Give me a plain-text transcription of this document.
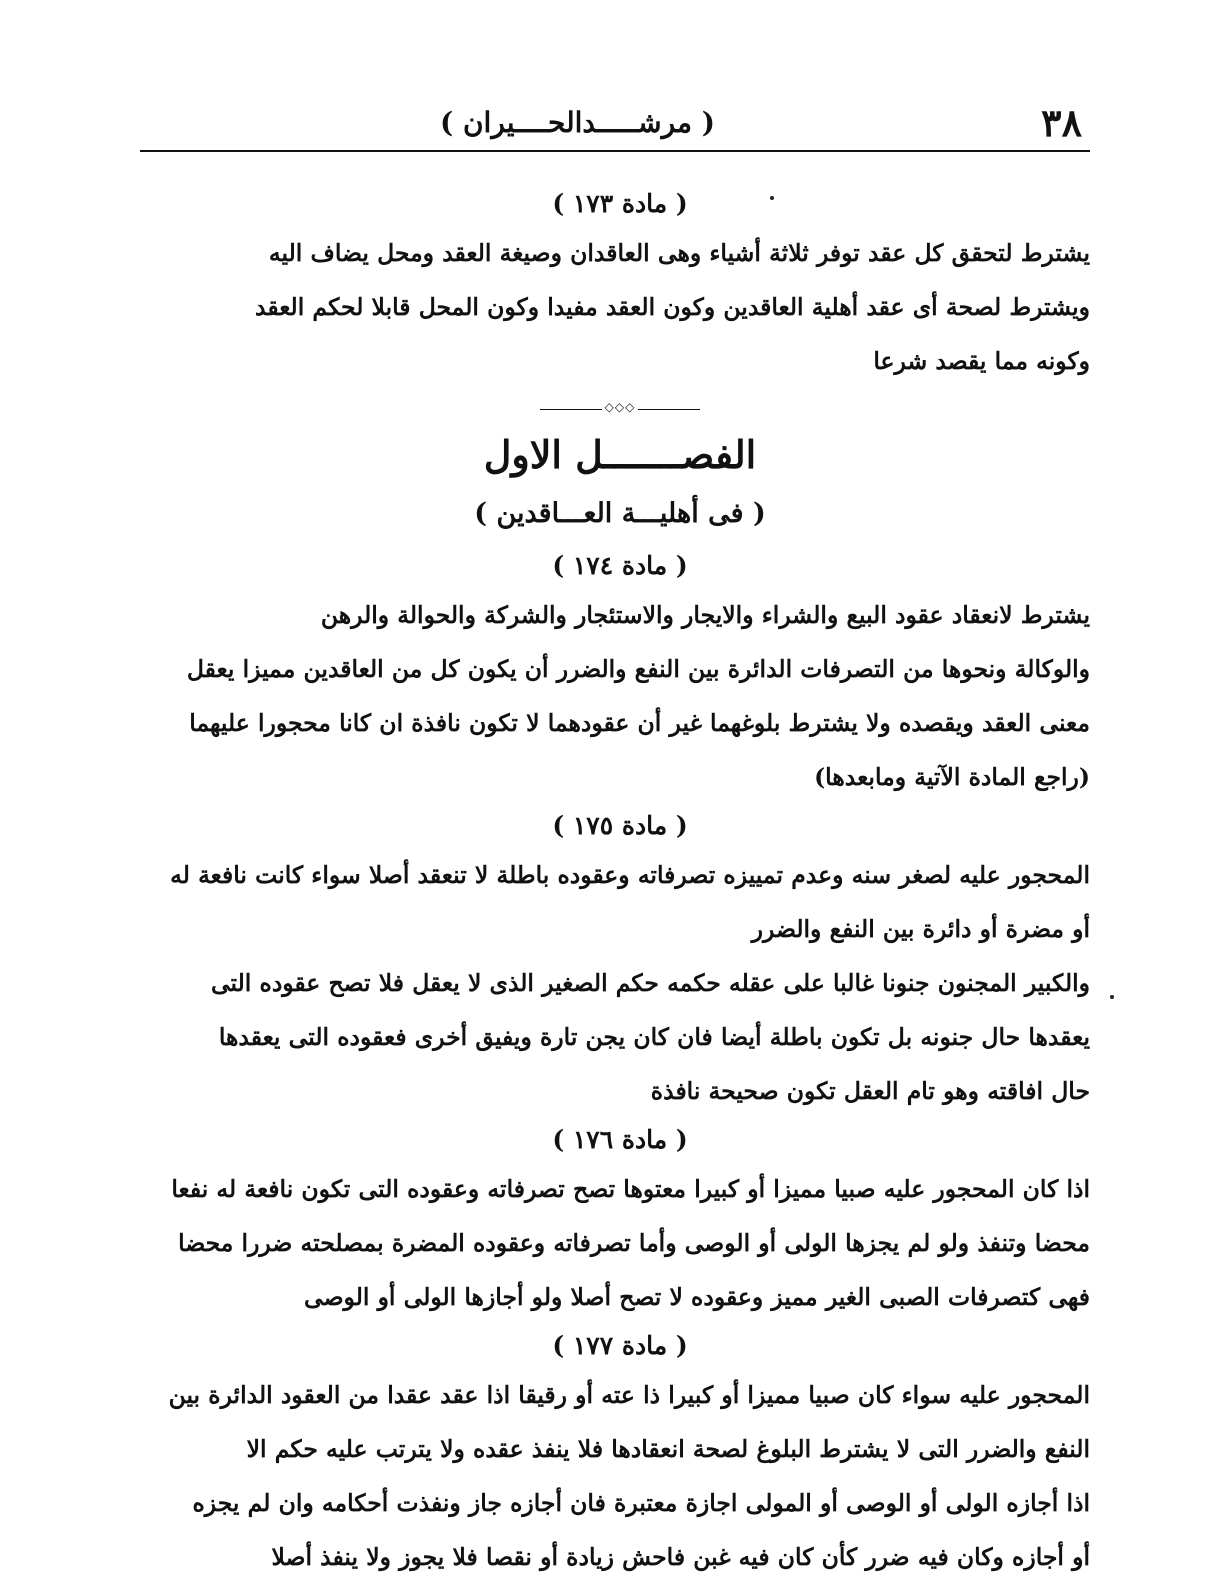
٣٨
( مرشـــــدالحــــيران )
( مادة ١٧٣ )

يشترط لتحقق كل عقد توفر ثلاثة أشياء وهى العاقدان وصيغة العقد ومحل يضاف اليه

ويشترط لصحة أى عقد أهلية العاقدين وكون العقد مفيدا وكون المحل قابلا لحكم العقد

وكونه مما يقصد شرعا

◇◇◇
الفصـــــــل الاول
( فى أهليـــة العـــاقدين )
( مادة ١٧٤ )

يشترط لانعقاد عقود البيع والشراء والايجار والاستئجار والشركة والحوالة والرهن

والوكالة ونحوها من التصرفات الدائرة بين النفع والضرر أن يكون كل من العاقدين مميزا يعقل

معنى العقد ويقصده ولا يشترط بلوغهما غير أن عقودهما لا تكون نافذة ان كانا محجورا عليهما

(راجع المادة الآتية ومابعدها)

( مادة ١٧٥ )

المحجور عليه لصغر سنه وعدم تمييزه تصرفاته وعقوده باطلة لا تنعقد أصلا سواء كانت نافعة له

أو مضرة أو دائرة بين النفع والضرر

والكبير المجنون جنونا غالبا على عقله حكمه حكم الصغير الذى لا يعقل فلا تصح عقوده التى

يعقدها حال جنونه بل تكون باطلة أيضا فان كان يجن تارة ويفيق أخرى فعقوده التى يعقدها

حال افاقته وهو تام العقل تكون صحيحة نافذة

( مادة ١٧٦ )

اذا كان المحجور عليه صبيا مميزا أو كبيرا معتوها تصح تصرفاته وعقوده التى تكون نافعة له نفعا

محضا وتنفذ ولو لم يجزها الولى أو الوصى وأما تصرفاته وعقوده المضرة بمصلحته ضررا محضا

فهى كتصرفات الصبى الغير مميز وعقوده لا تصح أصلا ولو أجازها الولى أو الوصى

( مادة ١٧٧ )

المحجور عليه سواء كان صبيا مميزا أو كبيرا ذا عته أو رقيقا اذا عقد عقدا من العقود الدائرة بين

النفع والضرر التى لا يشترط البلوغ لصحة انعقادها فلا ينفذ عقده ولا يترتب عليه حكم الا

اذا أجازه الولى أو الوصى أو المولى اجازة معتبرة فان أجازه جاز ونفذت أحكامه وان لم يجزه

أو أجازه وكان فيه ضرر كأن كان فيه غبن فاحش زيادة أو نقصا فلا يجوز ولا ينفذ أصلا
